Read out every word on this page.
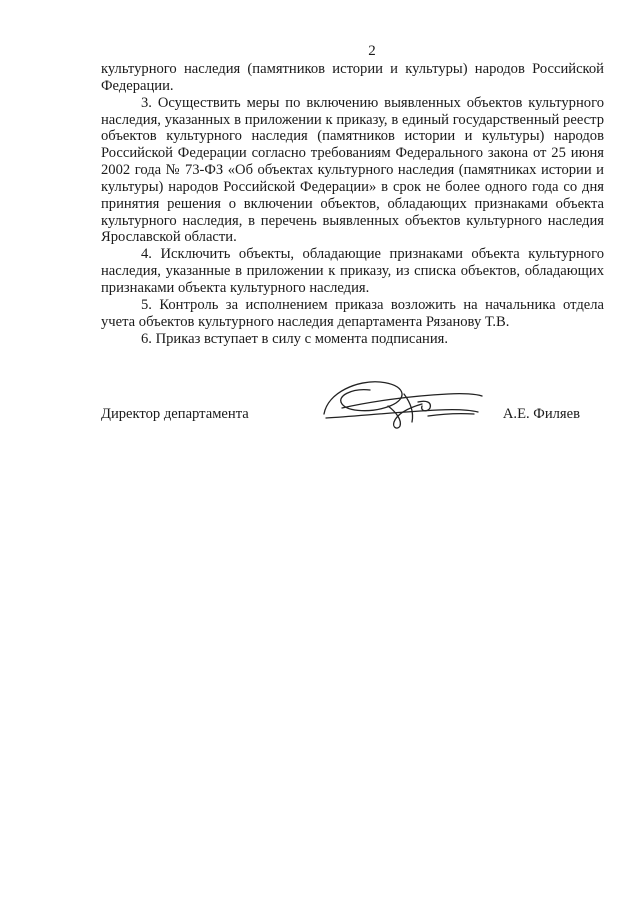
2

культурного наследия (памятников истории и культуры) народов Российской Федерации.

3. Осуществить меры по включению выявленных объектов культурного наследия, указанных в приложении к приказу, в единый государственный реестр объектов культурного наследия (памятников истории и культуры) народов Российской Федерации согласно требованиям Федерального закона от 25 июня 2002 года № 73-ФЗ «Об объектах культурного наследия (памятниках истории и культуры) народов Российской Федерации» в срок не более одного года со дня принятия решения о включении объектов, обладающих признаками объекта культурного наследия, в перечень выявленных объектов культурного наследия Ярославской области.

4. Исключить объекты, обладающие признаками объекта культурного наследия, указанные в приложении к приказу, из списка объектов, обладающих признаками объекта культурного наследия.

5. Контроль за исполнением приказа возложить на начальника отдела учета объектов культурного наследия департамента Рязанову Т.В.

6. Приказ вступает в силу с момента подписания.

Директор департамента	А.Е. Филяев
